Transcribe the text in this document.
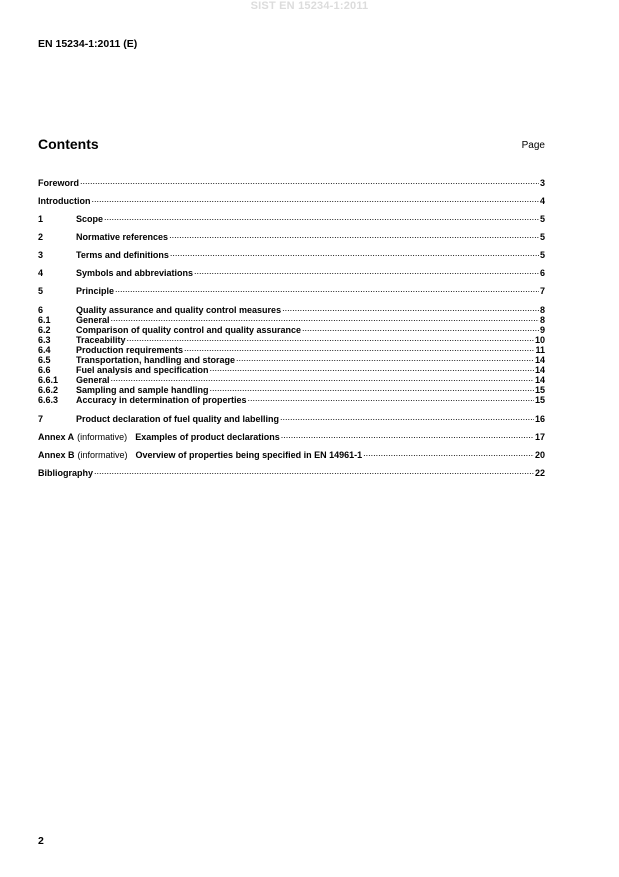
SIST EN 15234-1:2011
EN 15234-1:2011 (E)
Contents	Page
Foreword .....	3
Introduction .....	4
1	Scope .....	5
2	Normative references .....	5
3	Terms and definitions .....	5
4	Symbols and abbreviations .....	6
5	Principle .....	7
6	Quality assurance and quality control measures .....	8
6.1	General .....	8
6.2	Comparison of quality control and quality assurance .....	9
6.3	Traceability .....	10
6.4	Production requirements .....	11
6.5	Transportation, handling and storage .....	14
6.6	Fuel analysis and specification .....	14
6.6.1	General .....	14
6.6.2	Sampling and sample handling .....	15
6.6.3	Accuracy in determination of properties .....	15
7	Product declaration of fuel quality and labelling .....	16
Annex A (informative) Examples of product declarations .....	17
Annex B (informative) Overview of properties being specified in EN 14961-1 .....	20
Bibliography .....	22
2
